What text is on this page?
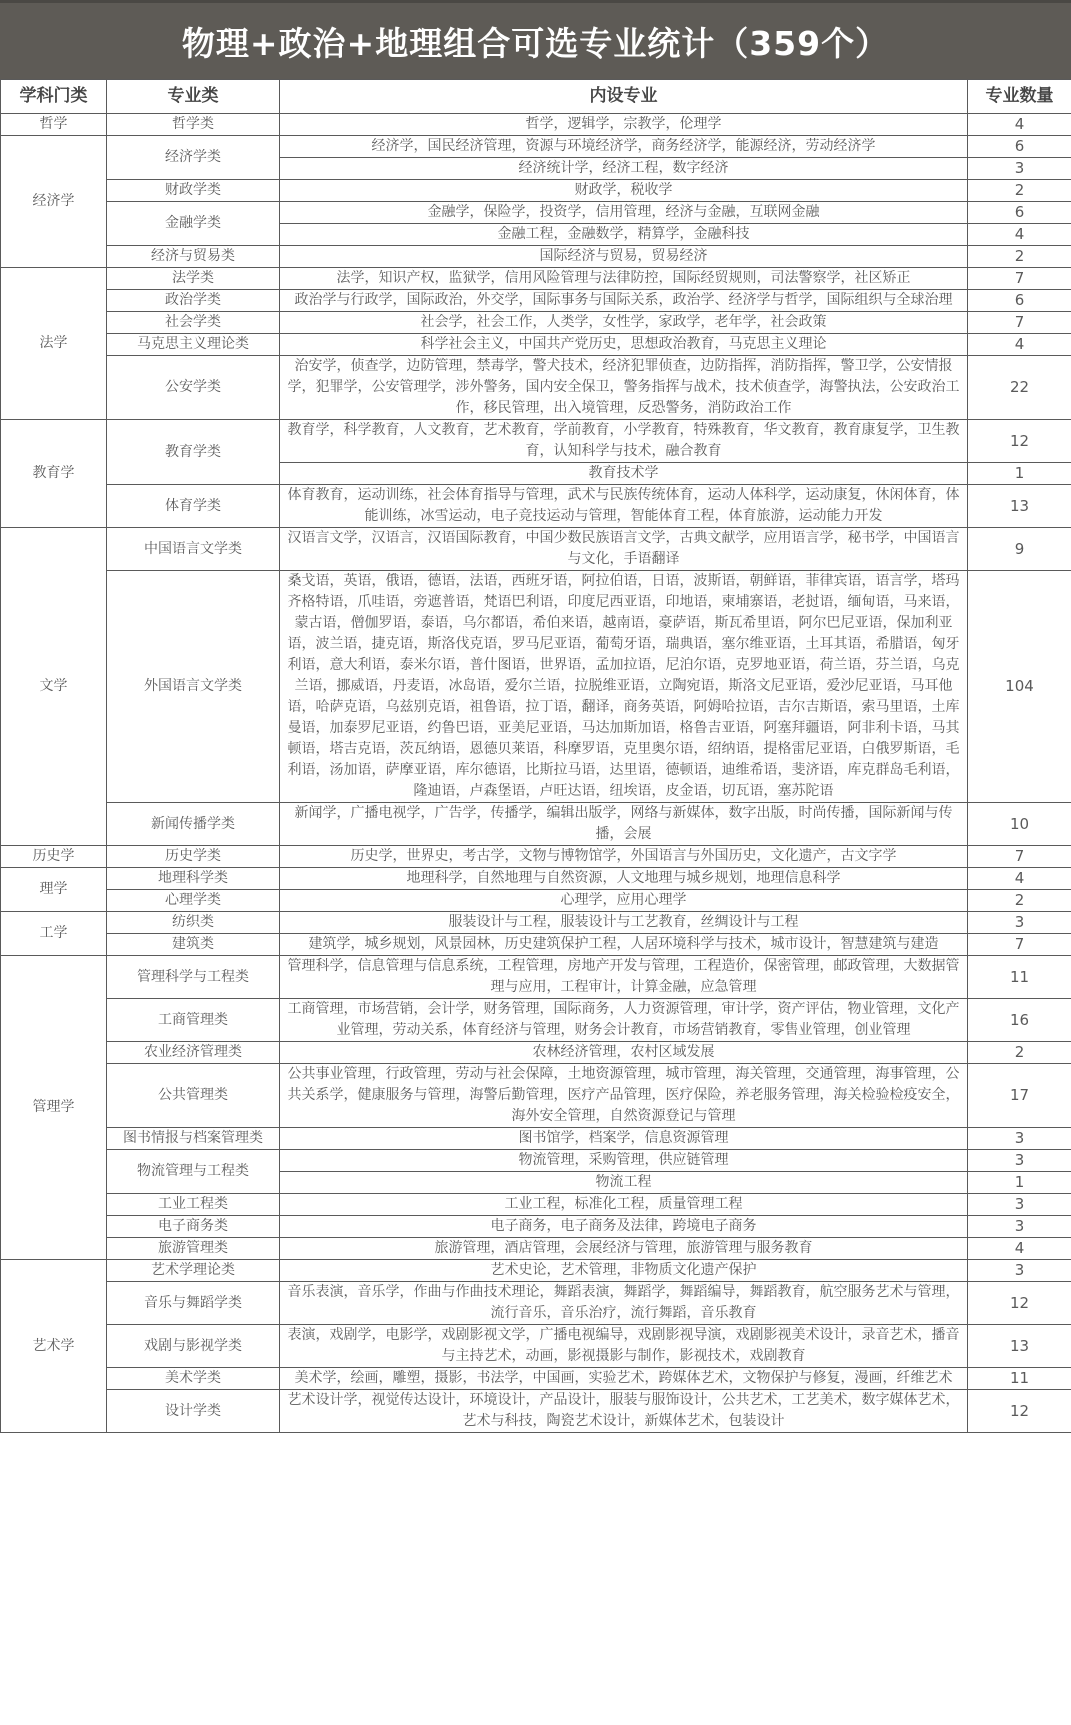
物理+政治+地理组合可选专业统计（359个）
学科门类	专业类	内设专业	专业数量
哲学	哲学类	哲学，逻辑学，宗教学，伦理学	4
经济学	经济学类	经济学，国民经济管理，资源与环境经济学，商务经济学，能源经济，劳动经济学	6
		经济统计学，经济工程，数字经济	3
	财政学类	财政学，税收学	2
	金融学类	金融学，保险学，投资学，信用管理，经济与金融，互联网金融	6
		金融工程，金融数学，精算学，金融科技	4
	经济与贸易类	国际经济与贸易，贸易经济	2
法学	法学类	法学，知识产权，监狱学，信用风险管理与法律防控，国际经贸规则，司法警察学，社区矫正	7
	政治学类	政治学与行政学，国际政治，外交学，国际事务与国际关系，政治学、经济学与哲学，国际组织与全球治理	6
	社会学类	社会学，社会工作，人类学，女性学，家政学，老年学，社会政策	7
	马克思主义理论类	科学社会主义，中国共产党历史，思想政治教育，马克思主义理论	4
	公安学类	治安学，侦查学，边防管理，禁毒学，警犬技术，经济犯罪侦查，边防指挥，消防指挥，警卫学，公安情报学，犯罪学，公安管理学，涉外警务，国内安全保卫，警务指挥与战术，技术侦查学，海警执法，公安政治工作，移民管理，出入境管理，反恐警务，消防政治工作	22
教育学	教育学类	教育学，科学教育，人文教育，艺术教育，学前教育，小学教育，特殊教育，华文教育，教育康复学，卫生教育，认知科学与技术，融合教育	12
		教育技术学	1
	体育学类	体育教育，运动训练，社会体育指导与管理，武术与民族传统体育，运动人体科学，运动康复，休闲体育，体能训练，冰雪运动，电子竞技运动与管理，智能体育工程，体育旅游，运动能力开发	13
文学	中国语言文学类	汉语言文学，汉语言，汉语国际教育，中国少数民族语言文学，古典文献学，应用语言学，秘书学，中国语言与文化，手语翻译	9
	外国语言文学类	桑戈语，英语，俄语，德语，法语，西班牙语，阿拉伯语，日语，波斯语，朝鲜语，菲律宾语，语言学，塔玛齐格特语，爪哇语，旁遮普语，梵语巴利语，印度尼西亚语，印地语，柬埔寨语，老挝语，缅甸语，马来语，蒙古语，僧伽罗语，泰语，乌尔都语，希伯来语，越南语，豪萨语，斯瓦希里语，阿尔巴尼亚语，保加利亚语，波兰语，捷克语，斯洛伐克语，罗马尼亚语，葡萄牙语，瑞典语，塞尔维亚语，土耳其语，希腊语，匈牙利语，意大利语，泰米尔语，普什图语，世界语，孟加拉语，尼泊尔语，克罗地亚语，荷兰语，芬兰语，乌克兰语，挪威语，丹麦语，冰岛语，爱尔兰语，拉脱维亚语，立陶宛语，斯洛文尼亚语，爱沙尼亚语，马耳他语，哈萨克语，乌兹别克语，祖鲁语，拉丁语，翻译，商务英语，阿姆哈拉语，吉尔吉斯语，索马里语，土库曼语，加泰罗尼亚语，约鲁巴语，亚美尼亚语，马达加斯加语，格鲁吉亚语，阿塞拜疆语，阿非利卡语，马其顿语，塔吉克语，茨瓦纳语，恩德贝莱语，科摩罗语，克里奥尔语，绍纳语，提格雷尼亚语，白俄罗斯语，毛利语，汤加语，萨摩亚语，库尔德语，比斯拉马语，达里语，德顿语，迪维希语，斐济语，库克群岛毛利语，隆迪语，卢森堡语，卢旺达语，纽埃语，皮金语，切瓦语，塞苏陀语	104
	新闻传播学类	新闻学，广播电视学，广告学，传播学，编辑出版学，网络与新媒体，数字出版，时尚传播，国际新闻与传播，会展	10
历史学	历史学类	历史学，世界史，考古学，文物与博物馆学，外国语言与外国历史，文化遗产，古文字学	7
理学	地理科学类	地理科学，自然地理与自然资源，人文地理与城乡规划，地理信息科学	4
	心理学类	心理学，应用心理学	2
工学	纺织类	服装设计与工程，服装设计与工艺教育，丝绸设计与工程	3
	建筑类	建筑学，城乡规划，风景园林，历史建筑保护工程，人居环境科学与技术，城市设计，智慧建筑与建造	7
管理学	管理科学与工程类	管理科学，信息管理与信息系统，工程管理，房地产开发与管理，工程造价，保密管理，邮政管理，大数据管理与应用，工程审计，计算金融，应急管理	11
	工商管理类	工商管理，市场营销，会计学，财务管理，国际商务，人力资源管理，审计学，资产评估，物业管理，文化产业管理，劳动关系，体育经济与管理，财务会计教育，市场营销教育，零售业管理，创业管理	16
	农业经济管理类	农林经济管理，农村区域发展	2
	公共管理类	公共事业管理，行政管理，劳动与社会保障，土地资源管理，城市管理，海关管理，交通管理，海事管理，公共关系学，健康服务与管理，海警后勤管理，医疗产品管理，医疗保险，养老服务管理，海关检验检疫安全，海外安全管理，自然资源登记与管理	17
	图书情报与档案管理类	图书馆学，档案学，信息资源管理	3
	物流管理与工程类	物流管理，采购管理，供应链管理	3
		物流工程	1
	工业工程类	工业工程，标准化工程，质量管理工程	3
	电子商务类	电子商务，电子商务及法律，跨境电子商务	3
	旅游管理类	旅游管理，酒店管理，会展经济与管理，旅游管理与服务教育	4
艺术学	艺术学理论类	艺术史论，艺术管理，非物质文化遗产保护	3
	音乐与舞蹈学类	音乐表演，音乐学，作曲与作曲技术理论，舞蹈表演，舞蹈学，舞蹈编导，舞蹈教育，航空服务艺术与管理，流行音乐，音乐治疗，流行舞蹈，音乐教育	12
	戏剧与影视学类	表演，戏剧学，电影学，戏剧影视文学，广播电视编导，戏剧影视导演，戏剧影视美术设计，录音艺术，播音与主持艺术，动画，影视摄影与制作，影视技术，戏剧教育	13
	美术学类	美术学，绘画，雕塑，摄影，书法学，中国画，实验艺术，跨媒体艺术，文物保护与修复，漫画，纤维艺术	11
	设计学类	艺术设计学，视觉传达设计，环境设计，产品设计，服装与服饰设计，公共艺术，工艺美术，数字媒体艺术，艺术与科技，陶瓷艺术设计，新媒体艺术，包装设计	12
